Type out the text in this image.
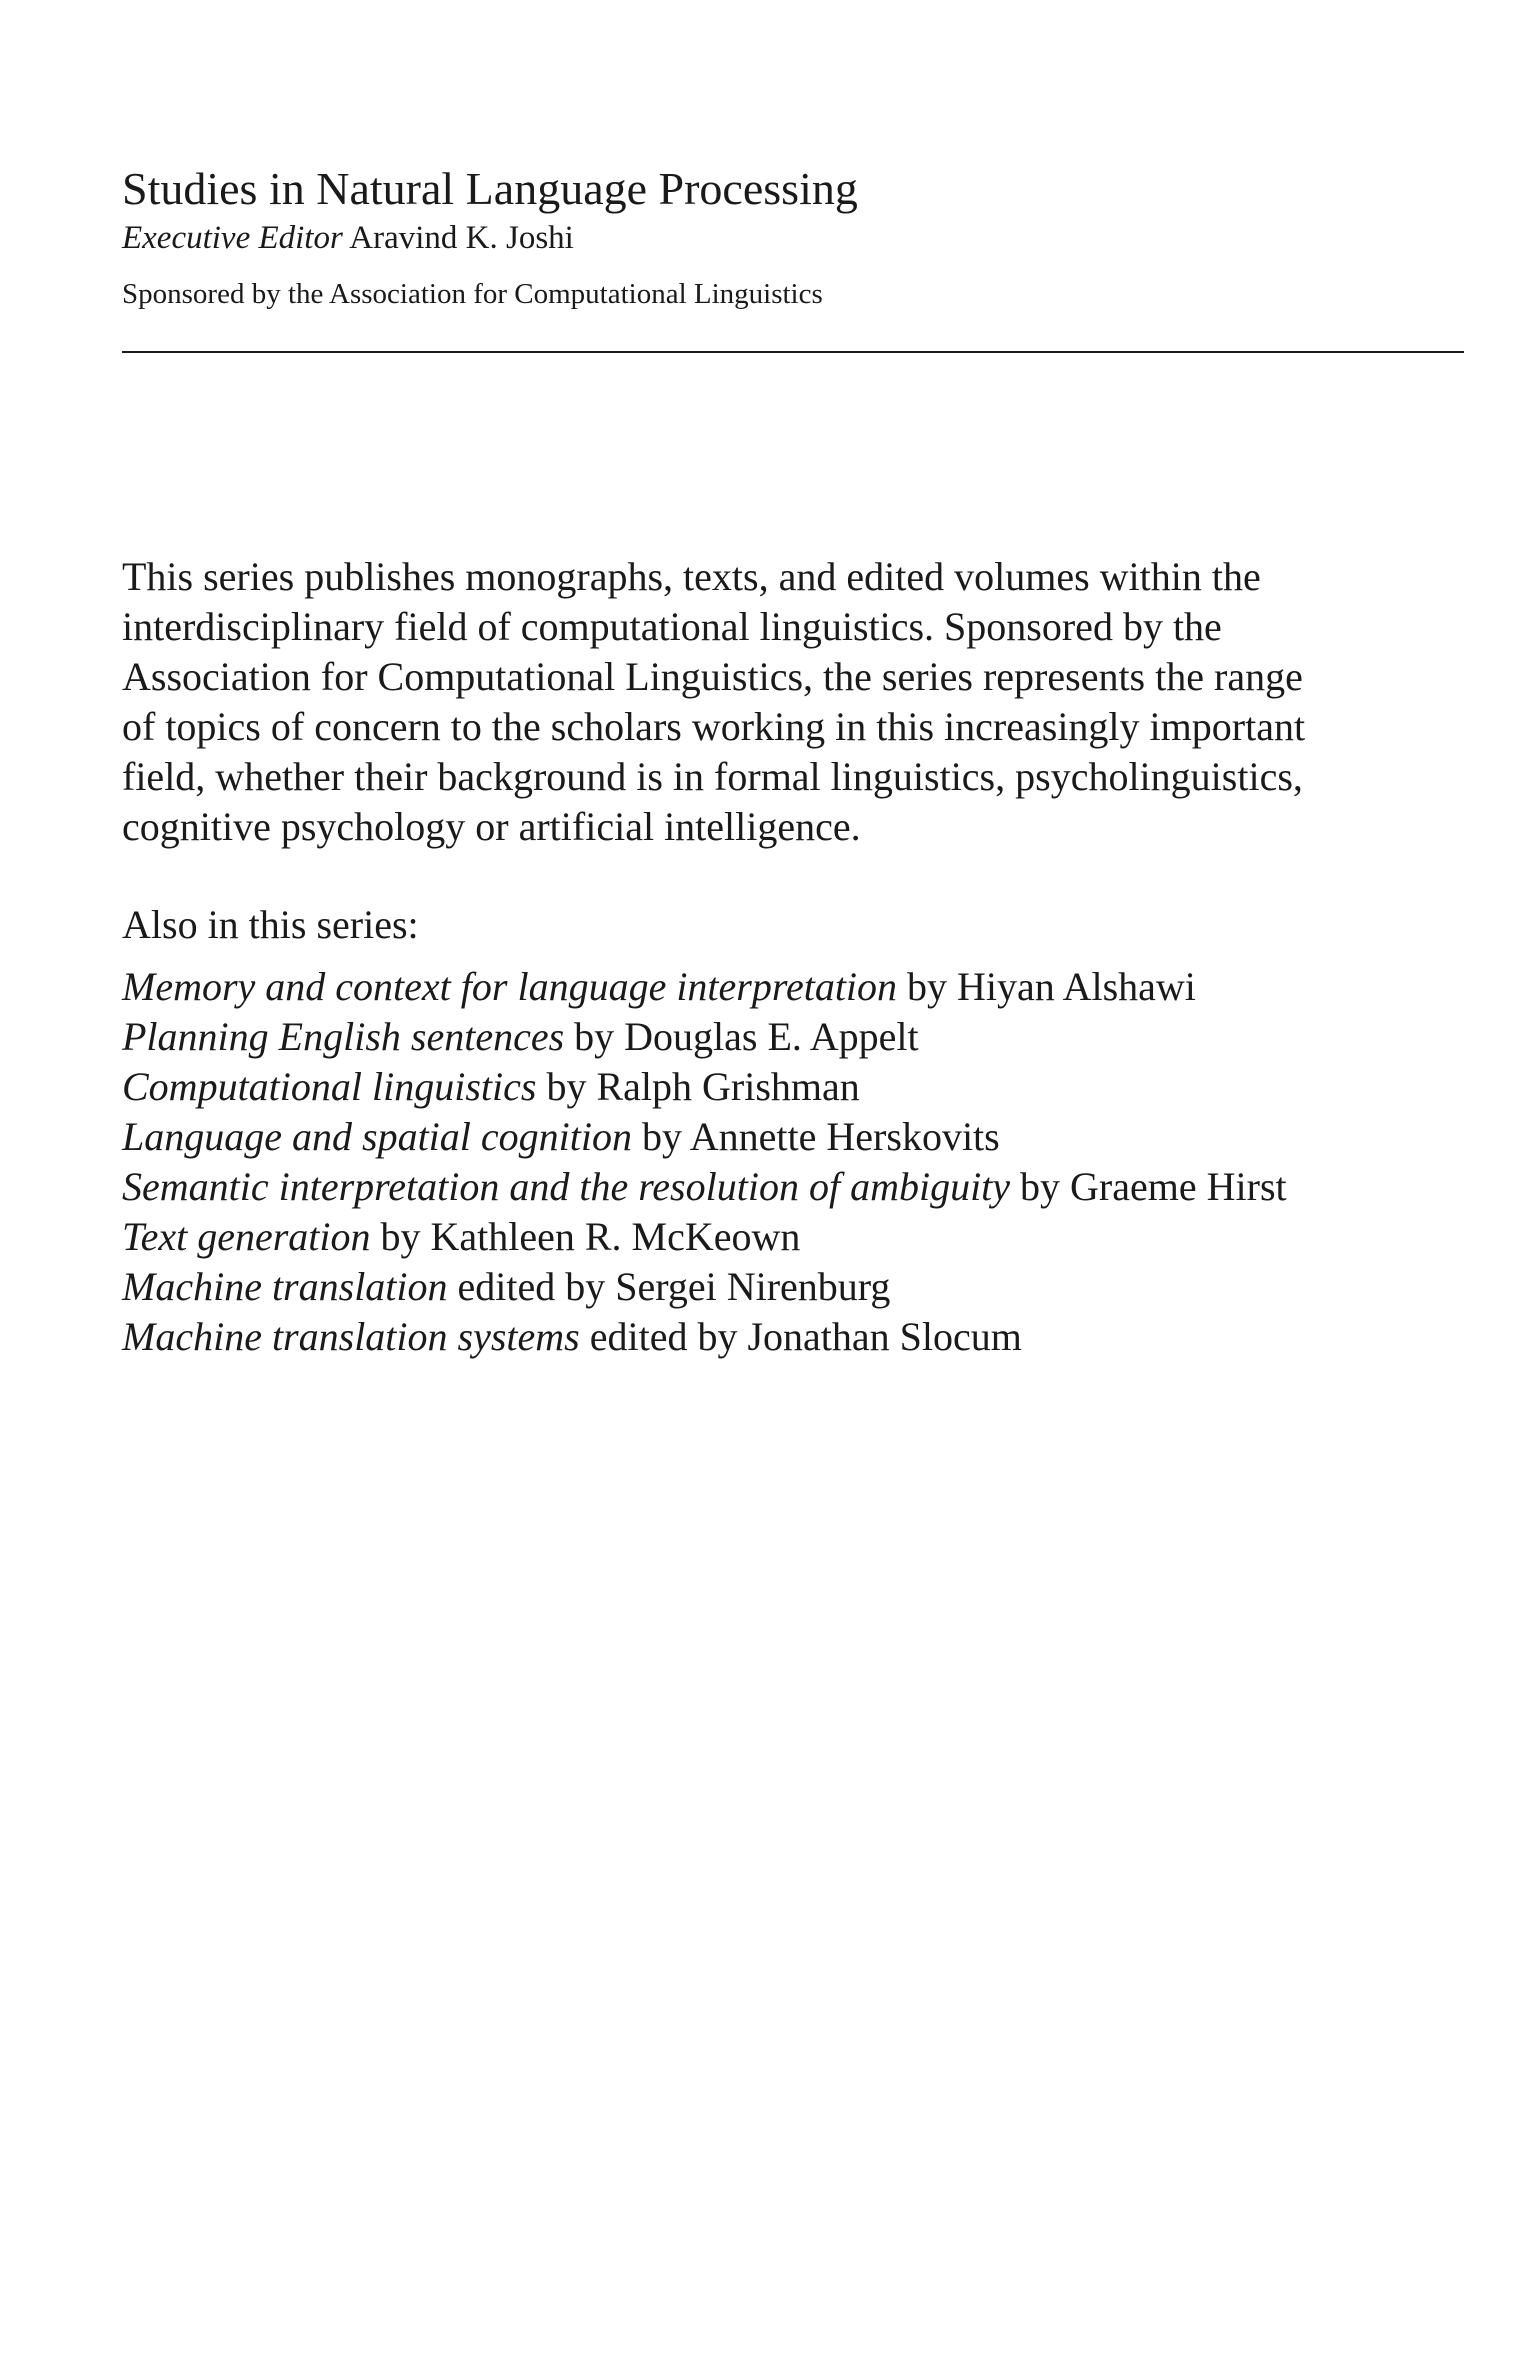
Studies in Natural Language Processing
Executive Editor Aravind K. Joshi
Sponsored by the Association for Computational Linguistics
This series publishes monographs, texts, and edited volumes within the
interdisciplinary field of computational linguistics. Sponsored by the
Association for Computational Linguistics, the series represents the range
of topics of concern to the scholars working in this increasingly important
field, whether their background is in formal linguistics, psycholinguistics,
cognitive psychology or artificial intelligence.
Also in this series:
Memory and context for language interpretation by Hiyan Alshawi
Planning English sentences by Douglas E. Appelt
Computational linguistics by Ralph Grishman
Language and spatial cognition by Annette Herskovits
Semantic interpretation and the resolution of ambiguity by Graeme Hirst
Text generation by Kathleen R. McKeown
Machine translation edited by Sergei Nirenburg
Machine translation systems edited by Jonathan Slocum
